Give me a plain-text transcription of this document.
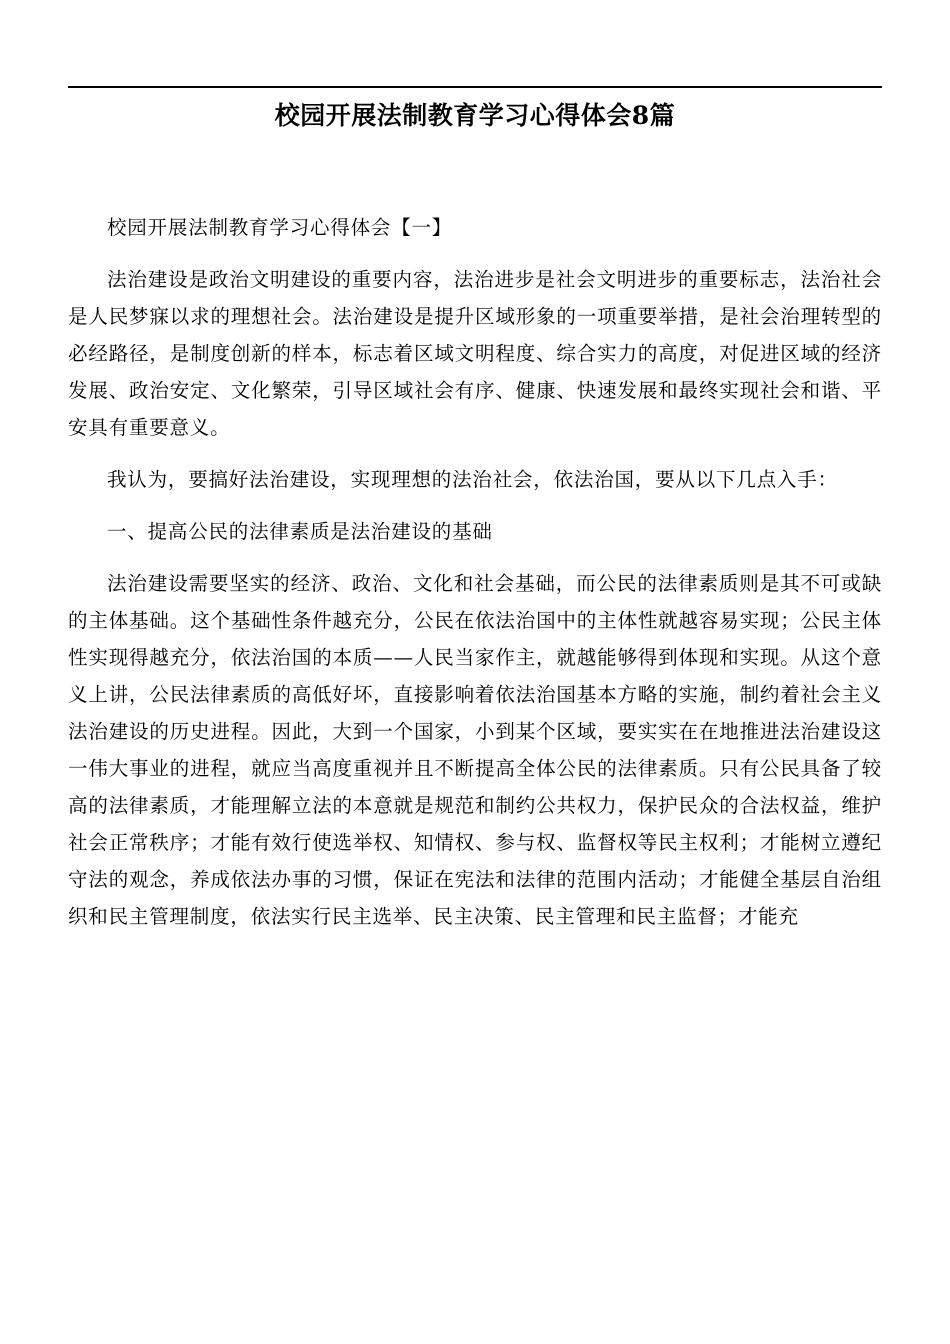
校园开展法制教育学习心得体会8篇

校园开展法制教育学习心得体会【一】

法治建设是政治文明建设的重要内容，法治进步是社会文明进步的重要标志，法治社会是人民梦寐以求的理想社会。法治建设是提升区域形象的一项重要举措，是社会治理转型的必经路径，是制度创新的样本，标志着区域文明程度、综合实力的高度，对促进区域的经济发展、政治安定、文化繁荣，引导区域社会有序、健康、快速发展和最终实现社会和谐、平安具有重要意义。

我认为，要搞好法治建设，实现理想的法治社会，依法治国，要从以下几点入手：

一、提高公民的法律素质是法治建设的基础

法治建设需要坚实的经济、政治、文化和社会基础，而公民的法律素质则是其不可或缺的主体基础。这个基础性条件越充分，公民在依法治国中的主体性就越容易实现；公民主体性实现得越充分，依法治国的本质——人民当家作主，就越能够得到体现和实现。从这个意义上讲，公民法律素质的高低好坏，直接影响着依法治国基本方略的实施，制约着社会主义法治建设的历史进程。因此，大到一个国家，小到某个区域，要实实在在地推进法治建设这一伟大事业的进程，就应当高度重视并且不断提高全体公民的法律素质。只有公民具备了较高的法律素质，才能理解立法的本意就是规范和制约公共权力，保护民众的合法权益，维护社会正常秩序；才能有效行使选举权、知情权、参与权、监督权等民主权利；才能树立遵纪守法的观念，养成依法办事的习惯，保证在宪法和法律的范围内活动；才能健全基层自治组织和民主管理制度，依法实行民主选举、民主决策、民主管理和民主监督；才能充
